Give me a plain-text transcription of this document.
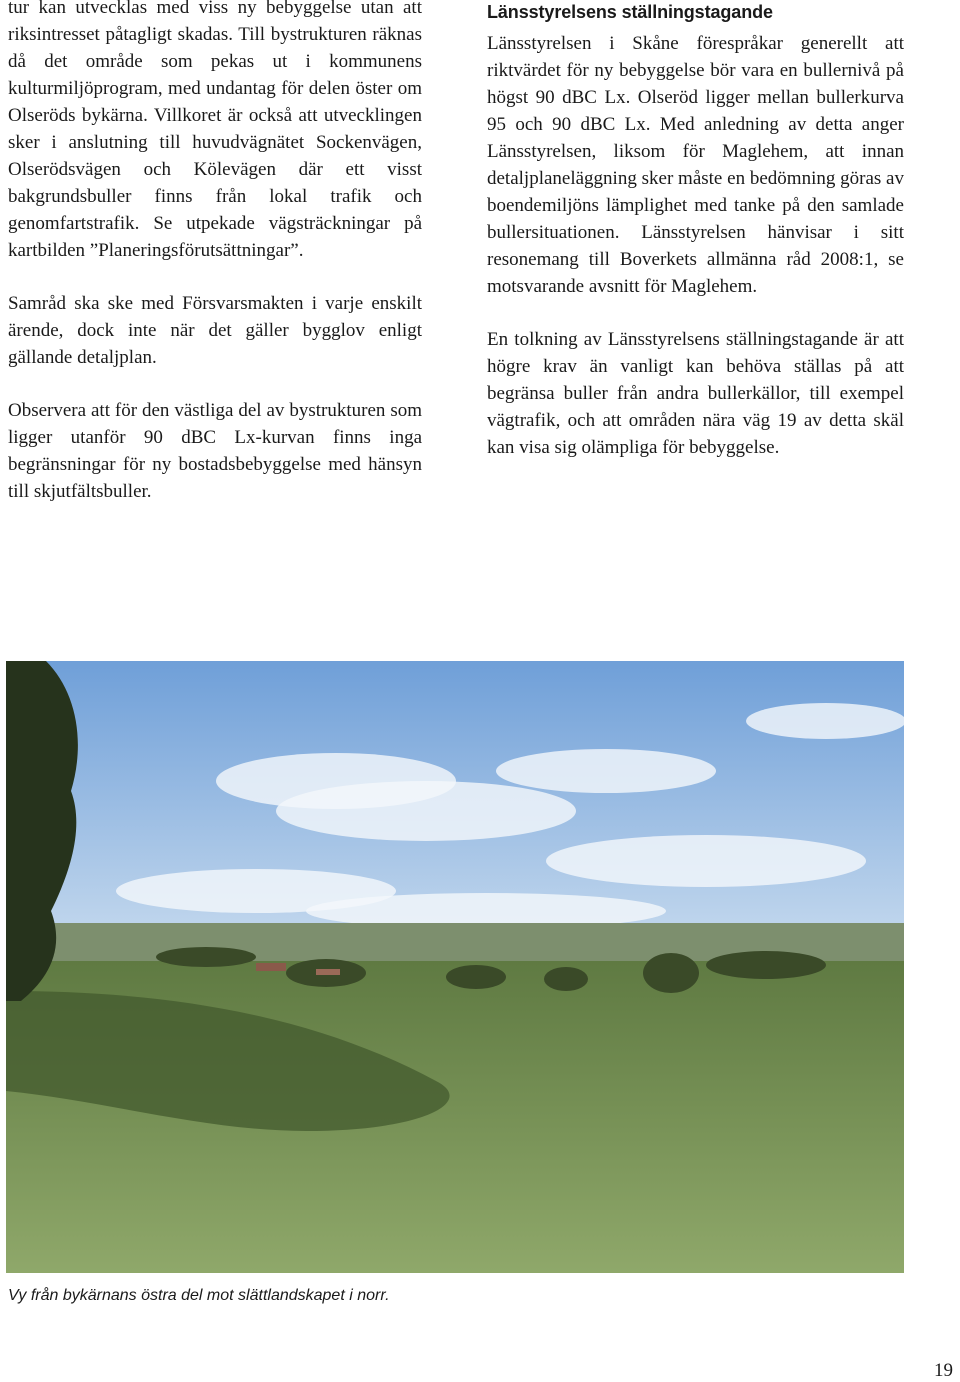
tur kan utvecklas med viss ny bebyggelse utan att riksintresset påtagligt skadas. Till bystrukturen räknas då det område som pekas ut i kommunens kulturmiljöprogram, med undantag för delen öster om Olseröds bykärna. Villkoret är också att utvecklingen sker i anslutning till huvudvägnätet Sockenvägen, Olserödsvägen och Kölevägen där ett visst bakgrundsbuller finns från lokal trafik och genomfartstrafik. Se utpekade vägsträckningar på kartbilden ”Planeringsförutsättningar”.

Samråd ska ske med Försvarsmakten i varje enskilt ärende, dock inte när det gäller bygglov enligt gällande detaljplan.

Observera att för den västliga del av bystrukturen som ligger utanför 90 dBC Lx-kurvan finns inga begränsningar för ny bostadsbebyggelse med hänsyn till skjutfältsbuller.

Länsstyrelsens ställningstagande

Länsstyrelsen i Skåne förespråkar generellt att riktvärdet för ny bebyggelse bör vara en bullernivå på högst 90 dBC Lx. Olseröd ligger mellan bullerkurva 95 och 90 dBC Lx. Med anledning av detta anger Länsstyrelsen, liksom för Maglehem, att innan detaljplaneläggning sker måste en bedömning göras av boendemiljöns lämplighet med tanke på den samlade bullersituationen. Länsstyrelsen hänvisar i sitt resonemang till Boverkets allmänna råd 2008:1, se motsvarande avsnitt för Maglehem.

En tolkning av Länsstyrelsens ställningstagande är att högre krav än vanligt kan behöva ställas på att begränsa buller från andra bullerkällor, till exempel vägtrafik, och att områden nära väg 19 av detta skäl kan visa sig olämpliga för bebyggelse.

Vy från bykärnans östra del mot slättlandskapet i norr.
19
